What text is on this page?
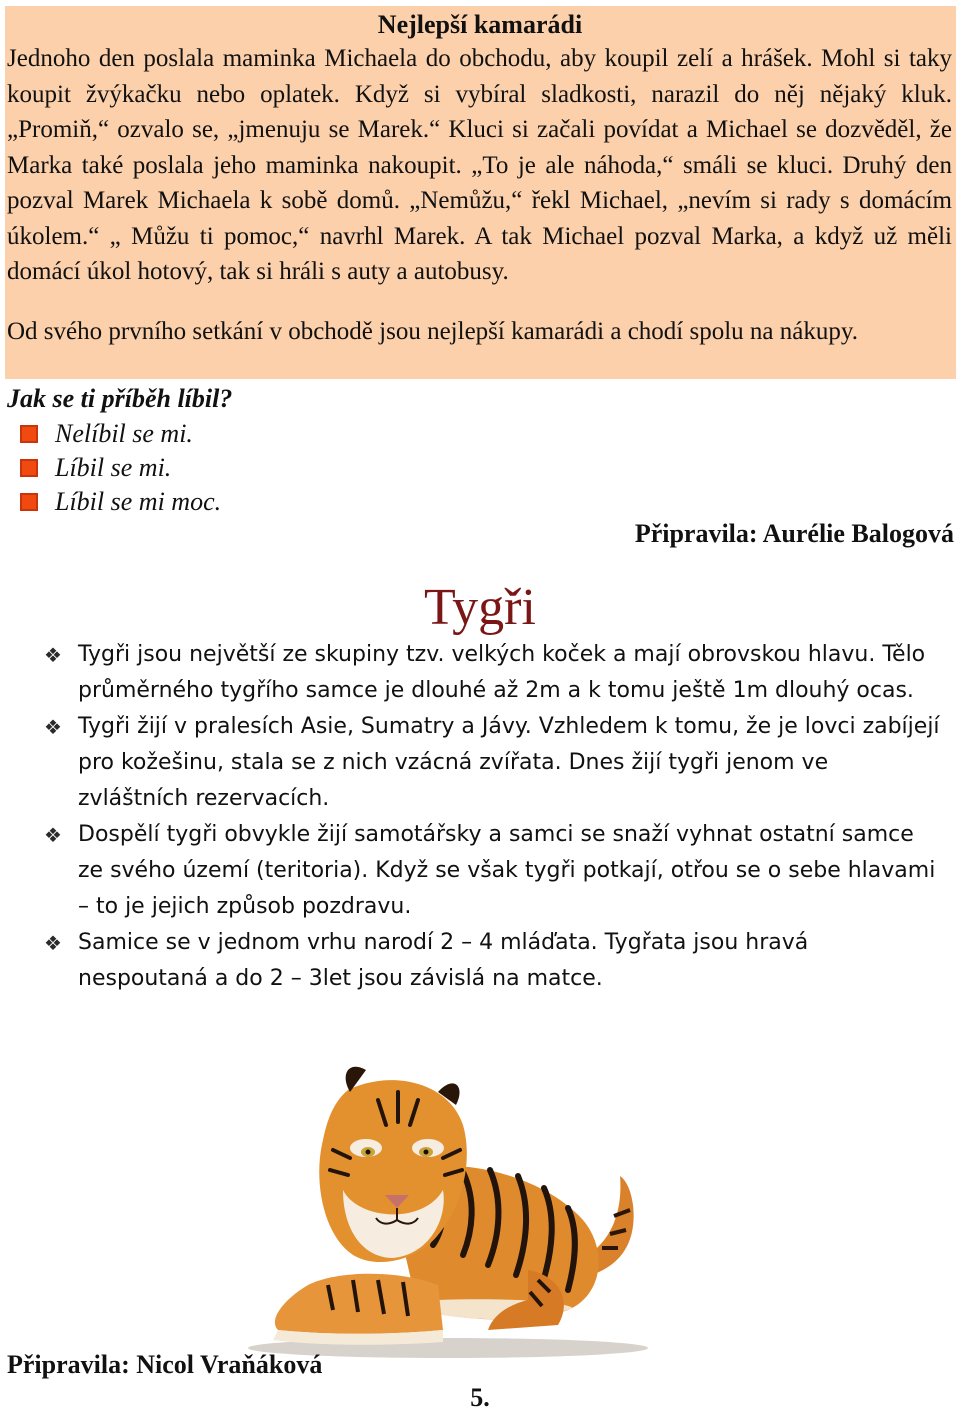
Nejlepší kamarádi
Jednoho den poslala maminka Michaela do obchodu, aby koupil zelí a hrášek. Mohl si taky koupit žvýkačku nebo oplatek. Když si vybíral sladkosti, narazil do něj nějaký kluk. „Promiň,“ ozvalo se, „jmenuju se Marek.“ Kluci si začali povídat a Michael se dozvěděl, že Marka také poslala jeho maminka nakoupit. „To je ale náhoda,“ smáli se kluci. Druhý den pozval Marek Michaela k sobě domů. „Nemůžu,“ řekl Michael, „nevím si rady s domácím úkolem.“ „ Můžu ti pomoc,“ navrhl Marek. A tak Michael pozval Marka, a když už měli domácí úkol hotový, tak si hráli s auty a autobusy.
Od svého prvního setkání v obchodě jsou nejlepší kamarádi a chodí spolu na nákupy.
Jak se ti příběh líbil?
Nelíbil se mi.
Líbil se mi.
Líbil se mi moc.
Připravila: Aurélie Balogová
Tygři
❖ Tygři jsou největší ze skupiny tzv. velkých koček a mají obrovskou hlavu. Tělo průměrného tygřího samce je dlouhé až 2m a k tomu ještě 1m dlouhý ocas.
❖ Tygři žijí v pralesích Asie, Sumatry a Jávy. Vzhledem k tomu, že je lovci zabíjejí pro kožešinu, stala se z nich vzácná zvířata. Dnes žijí tygři jenom ve zvláštních rezervacích.
❖ Dospělí tygři obvykle žijí samotářsky a samci se snaží vyhnat ostatní samce ze svého území (teritoria). Když se však tygři potkají, otřou se o sebe hlavami – to je jejich způsob pozdravu.
❖ Samice se v jednom vrhu narodí 2 – 4 mláďata. Tygřata jsou hravá nespoutaná a do 2 – 3let jsou závislá na matce.
Připravila: Nicol Vraňáková
5.
